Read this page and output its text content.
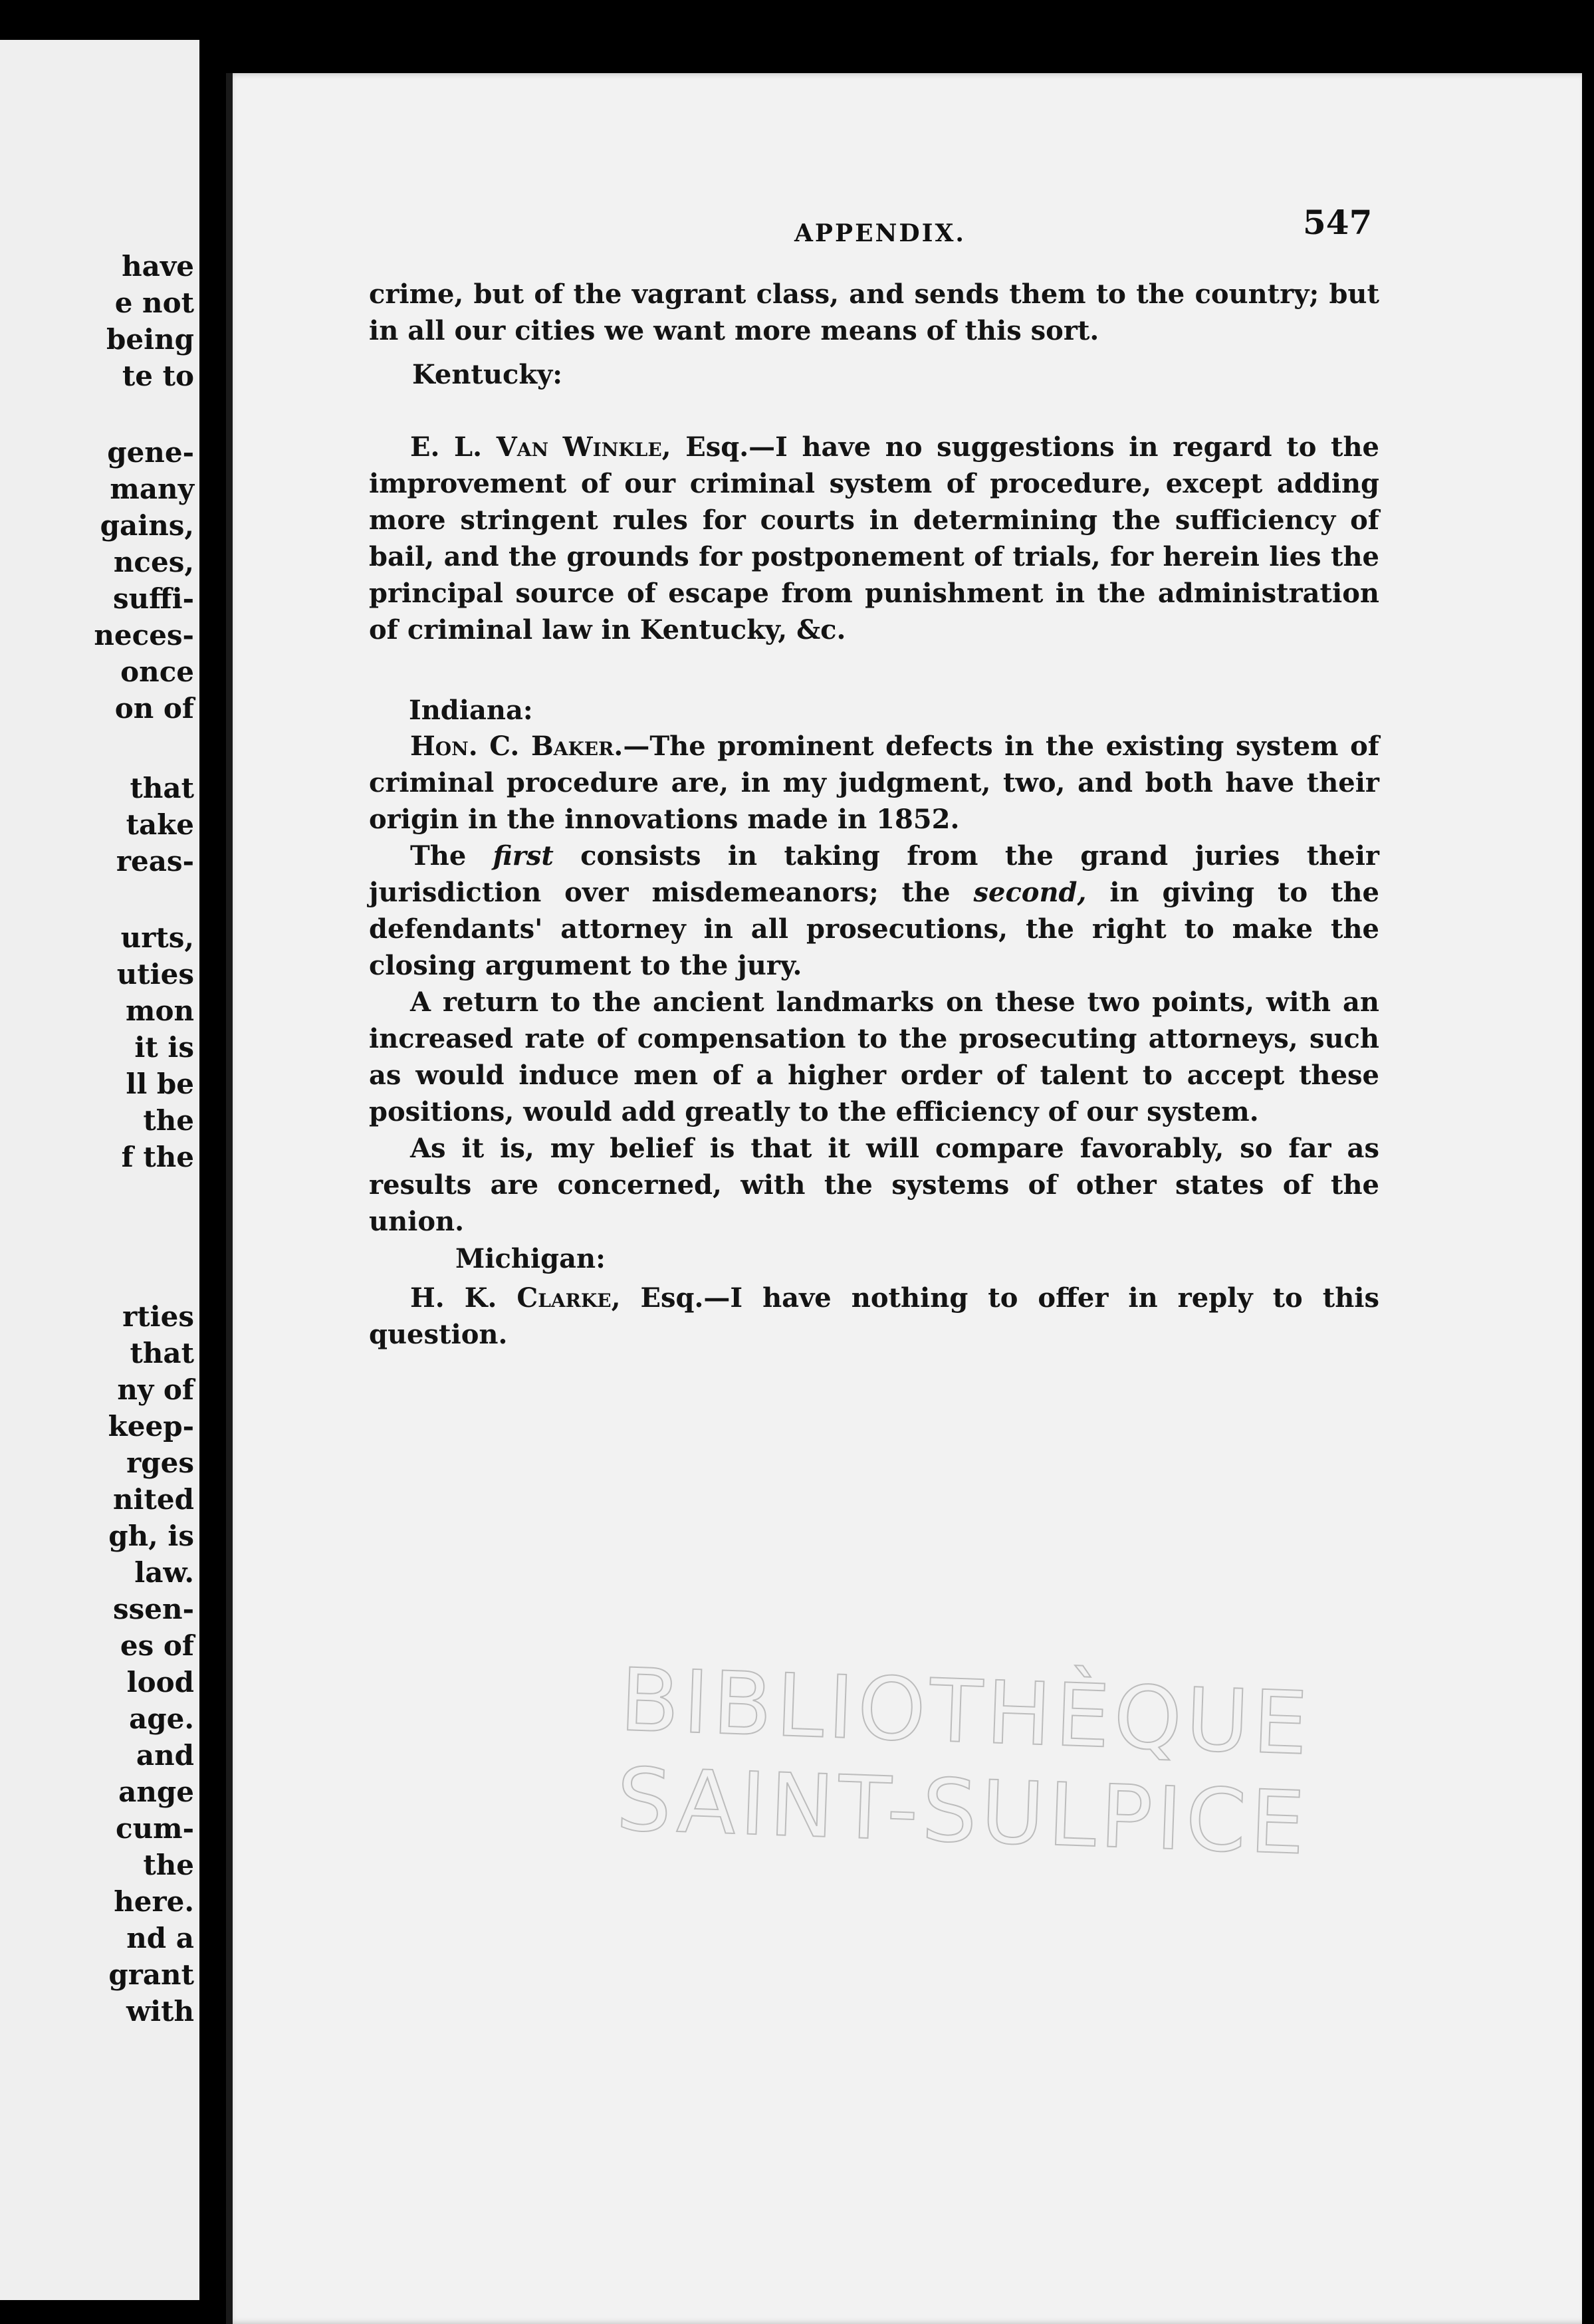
have
e not
being
te to
gene-
many
gains,
nces,
suffi-
neces-
once
on of
that
take
reas-
urts,
uties
mon
it is
ll be
the
f the
rties
that
ny of
keep-
rges
nited
gh, is
law.
ssen-
es of
lood
age.
and
ange
cum-
the
here.
nd a
grant
with
APPENDIX.	547

crime, but of the vagrant class, and sends them to the country; but in all our cities we want more means of this sort.

Kentucky:

E. L. Van Winkle, Esq.—I have no suggestions in regard to the improvement of our criminal system of procedure, except adding more stringent rules for courts in determining the sufficiency of bail, and the grounds for postponement of trials, for herein lies the principal source of escape from punishment in the administration of criminal law in Kentucky, &c.

Indiana:

Hon. C. Baker.—The prominent defects in the existing system of criminal procedure are, in my judgment, two, and both have their origin in the innovations made in 1852.

The first consists in taking from the grand juries their jurisdiction over misdemeanors; the second, in giving to the defendants' attorney in all prosecutions, the right to make the closing argument to the jury.

A return to the ancient landmarks on these two points, with an increased rate of compensation to the prosecuting attorneys, such as would induce men of a higher order of talent to accept these positions, would add greatly to the efficiency of our system.

As it is, my belief is that it will compare favorably, so far as results are concerned, with the systems of other states of the union.

Michigan:

H. K. Clarke, Esq.—I have nothing to offer in reply to this question.

BIBLIOTHÈQUE
SAINT-SULPICE
